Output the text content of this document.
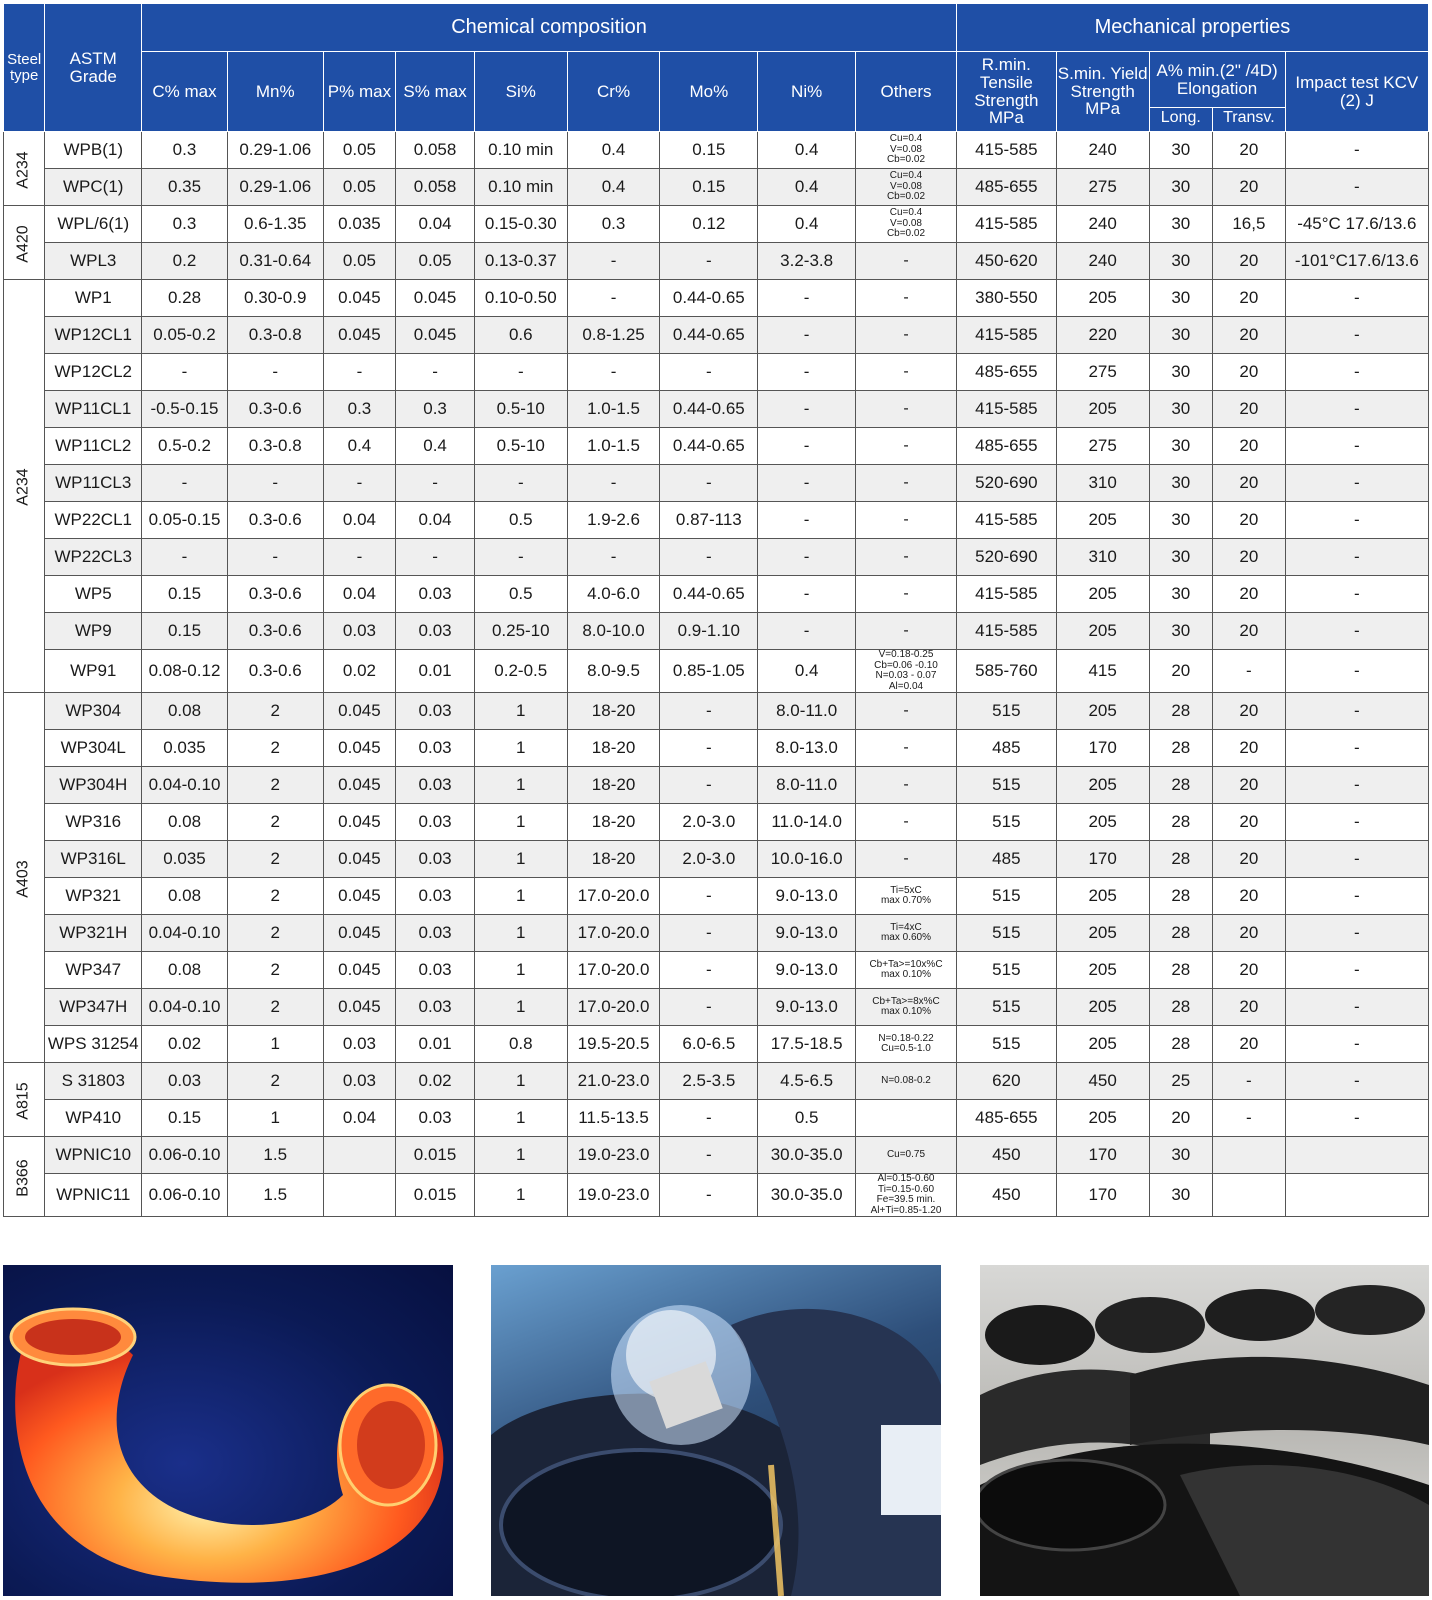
Steel type	ASTM Grade	Chemical composition									Mechanical properties				
		C% max	Mn%	P% max	S% max	Si%	Cr%	Mo%	Ni%	Others	R.min. Tensile Strength MPa	S.min. Yield Strength MPa	A% min.(2" /4D) Elongation		Impact test KCV (2) J
													Long.	Transv.	
A234	WPB(1)	0.3	0.29-1.06	0.05	0.058	0.10 min	0.4	0.15	0.4	Cu=0.4
V=0.08
Cb=0.02	415-585	240	30	20	-
	WPC(1)	0.35	0.29-1.06	0.05	0.058	0.10 min	0.4	0.15	0.4	Cu=0.4
V=0.08
Cb=0.02	485-655	275	30	20	-
A420	WPL/6(1)	0.3	0.6-1.35	0.035	0.04	0.15-0.30	0.3	0.12	0.4	Cu=0.4
V=0.08
Cb=0.02	415-585	240	30	16,5	-45°C 17.6/13.6
	WPL3	0.2	0.31-0.64	0.05	0.05	0.13-0.37	-	-	3.2-3.8	-	450-620	240	30	20	-101°C17.6/13.6
A234	WP1	0.28	0.30-0.9	0.045	0.045	0.10-0.50	-	0.44-0.65	-	-	380-550	205	30	20	-
	WP12CL1	0.05-0.2	0.3-0.8	0.045	0.045	0.6	0.8-1.25	0.44-0.65	-	-	415-585	220	30	20	-
	WP12CL2	-	-	-	-	-	-	-	-	-	485-655	275	30	20	-
	WP11CL1	-0.5-0.15	0.3-0.6	0.3	0.3	0.5-10	1.0-1.5	0.44-0.65	-	-	415-585	205	30	20	-
	WP11CL2	0.5-0.2	0.3-0.8	0.4	0.4	0.5-10	1.0-1.5	0.44-0.65	-	-	485-655	275	30	20	-
	WP11CL3	-	-	-	-	-	-	-	-	-	520-690	310	30	20	-
	WP22CL1	0.05-0.15	0.3-0.6	0.04	0.04	0.5	1.9-2.6	0.87-113	-	-	415-585	205	30	20	-
	WP22CL3	-	-	-	-	-	-	-	-	-	520-690	310	30	20	-
	WP5	0.15	0.3-0.6	0.04	0.03	0.5	4.0-6.0	0.44-0.65	-	-	415-585	205	30	20	-
	WP9	0.15	0.3-0.6	0.03	0.03	0.25-10	8.0-10.0	0.9-1.10	-	-	415-585	205	30	20	-
	WP91	0.08-0.12	0.3-0.6	0.02	0.01	0.2-0.5	8.0-9.5	0.85-1.05	0.4	V=0.18-0.25
Cb=0.06 -0.10
N=0.03 - 0.07
Al=0.04	585-760	415	20	-	-
A403	WP304	0.08	2	0.045	0.03	1	18-20	-	8.0-11.0	-	515	205	28	20	-
	WP304L	0.035	2	0.045	0.03	1	18-20	-	8.0-13.0	-	485	170	28	20	-
	WP304H	0.04-0.10	2	0.045	0.03	1	18-20	-	8.0-11.0	-	515	205	28	20	-
	WP316	0.08	2	0.045	0.03	1	18-20	2.0-3.0	11.0-14.0	-	515	205	28	20	-
	WP316L	0.035	2	0.045	0.03	1	18-20	2.0-3.0	10.0-16.0	-	485	170	28	20	-
	WP321	0.08	2	0.045	0.03	1	17.0-20.0	-	9.0-13.0	Ti=5xC
max 0.70%	515	205	28	20	-
	WP321H	0.04-0.10	2	0.045	0.03	1	17.0-20.0	-	9.0-13.0	Ti=4xC
max 0.60%	515	205	28	20	-
	WP347	0.08	2	0.045	0.03	1	17.0-20.0	-	9.0-13.0	Cb+Ta>=10x%C
max 0.10%	515	205	28	20	-
	WP347H	0.04-0.10	2	0.045	0.03	1	17.0-20.0	-	9.0-13.0	Cb+Ta>=8x%C
max 0.10%	515	205	28	20	-
	WPS 31254	0.02	1	0.03	0.01	0.8	19.5-20.5	6.0-6.5	17.5-18.5	N=0.18-0.22
Cu=0.5-1.0	515	205	28	20	-
A815	S 31803	0.03	2	0.03	0.02	1	21.0-23.0	2.5-3.5	4.5-6.5	N=0.08-0.2	620	450	25	-	-
	WP410	0.15	1	0.04	0.03	1	11.5-13.5	-	0.5		485-655	205	20	-	-
B366	WPNIC10	0.06-0.10	1.5		0.015	1	19.0-23.0	-	30.0-35.0	Cu=0.75	450	170	30		
	WPNIC11	0.06-0.10	1.5		0.015	1	19.0-23.0	-	30.0-35.0	Al=0.15-0.60
Ti=0.15-0.60
Fe=39.5 min.
Al+Ti=0.85-1.20	450	170	30		
